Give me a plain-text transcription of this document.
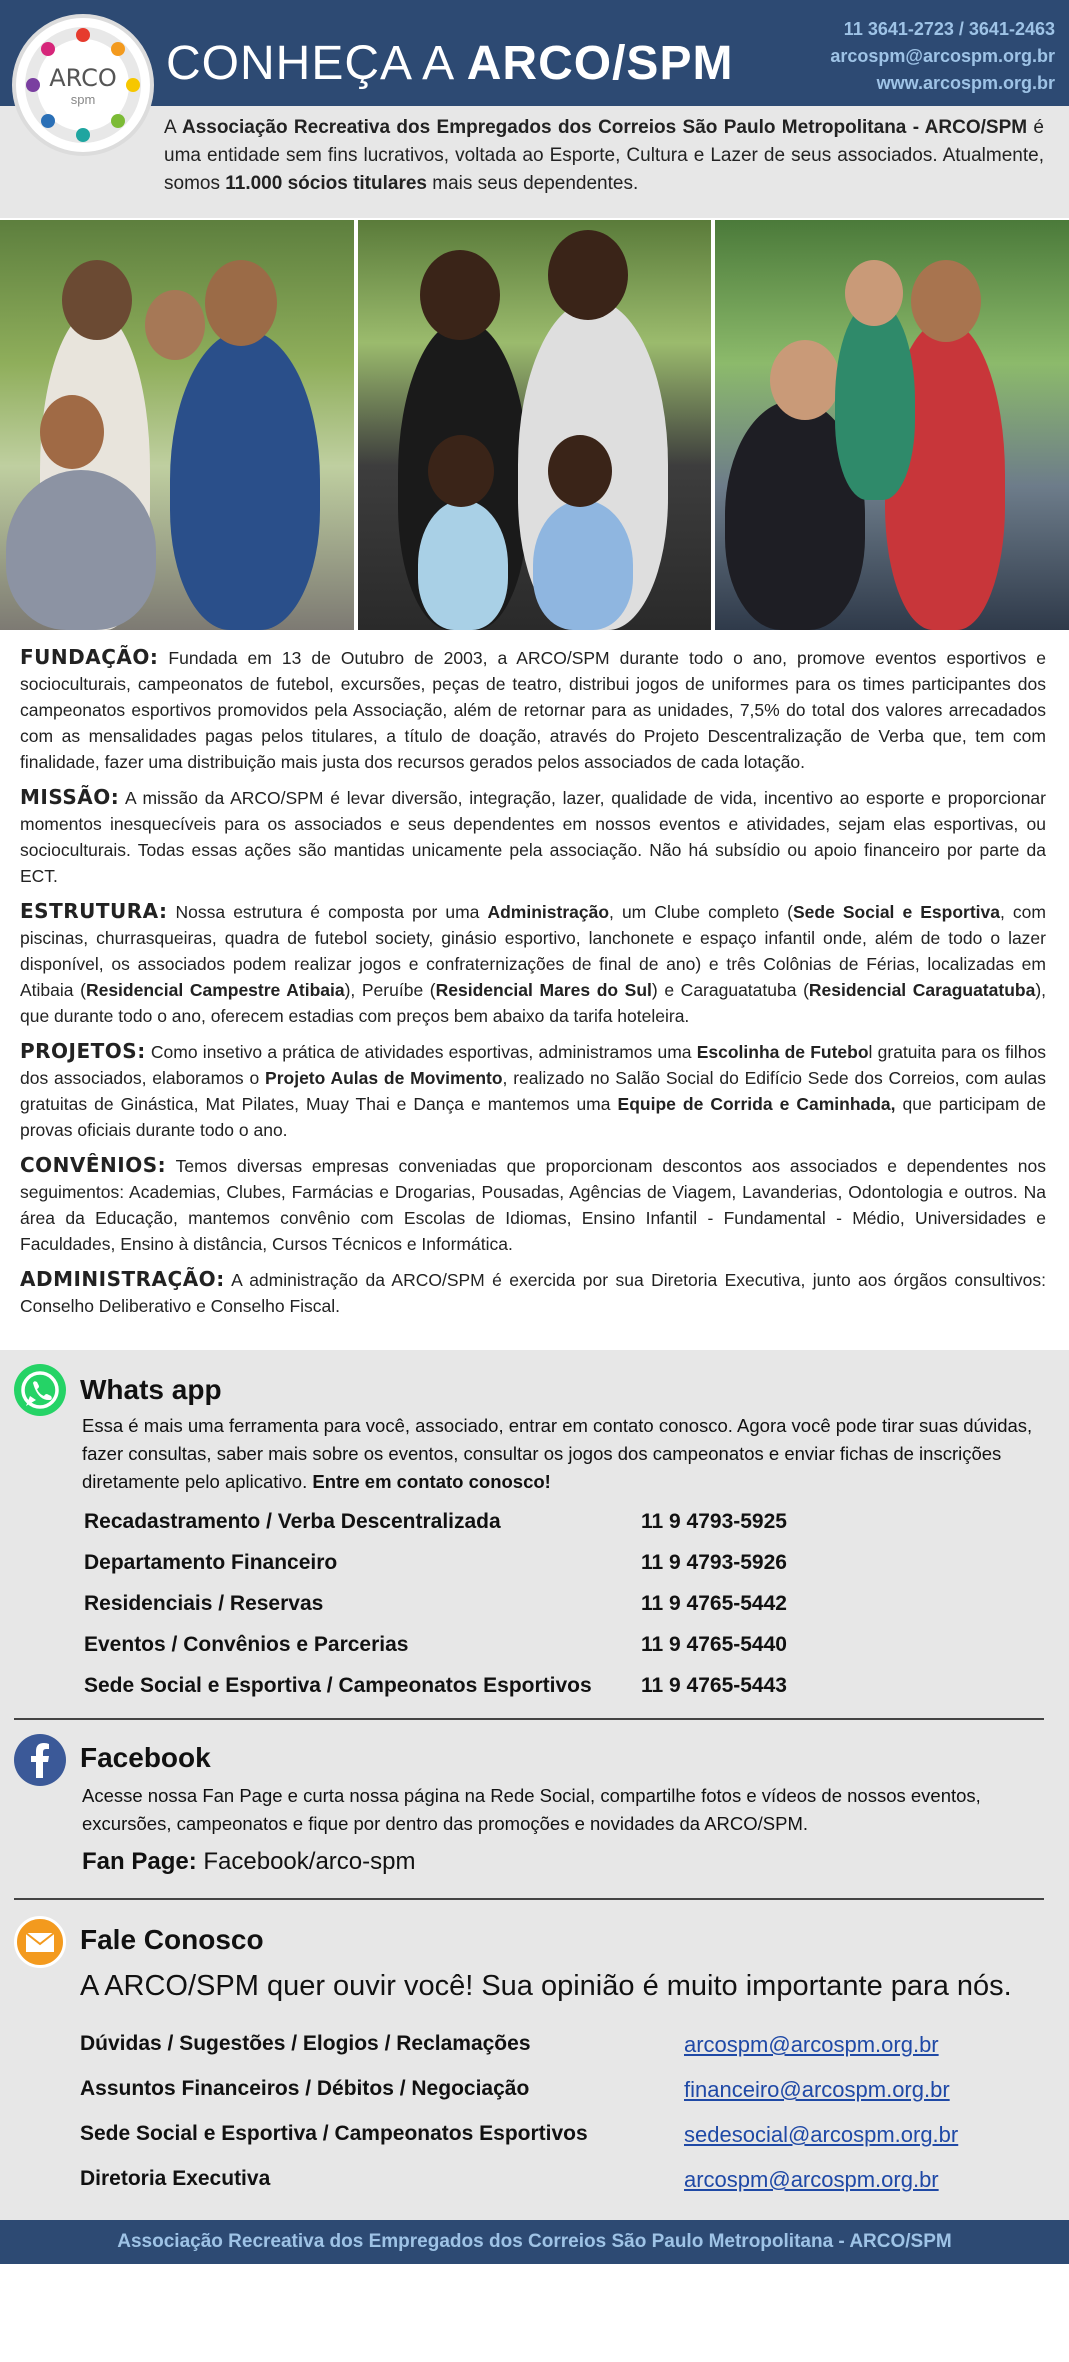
CONHEÇA A ARCO/SPM
11 3641-2723 / 3641-2463
arcospm@arcospm.org.br
www.arcospm.org.br
ARCO
spm

A Associação Recreativa dos Empregados dos Correios São Paulo Metropolitana - ARCO/SPM é uma entidade sem fins lucrativos, voltada ao Esporte, Cultura e Lazer de seus associados. Atualmente, somos 11.000 sócios titulares mais seus dependentes.

FUNDAÇÃO: Fundada em 13 de Outubro de 2003, a ARCO/SPM durante todo o ano, promove eventos esportivos e socioculturais, campeonatos de futebol, excursões, peças de teatro, distribui jogos de uniformes para os times participantes dos campeonatos esportivos promovidos pela Associação, além de retornar para as unidades, 7,5% do total dos valores arrecadados com as mensalidades pagas pelos titulares, a título de doação, através do Projeto Descentralização de Verba que, tem com finalidade, fazer uma distribuição mais justa dos recursos gerados pelos associados de cada lotação.

MISSÃO: A missão da ARCO/SPM é levar diversão, integração, lazer, qualidade de vida, incentivo ao esporte e proporcionar momentos inesquecíveis para os associados e seus dependentes em nossos eventos e atividades, sejam elas esportivas, ou socioculturais. Todas essas ações são mantidas unicamente pela associação. Não há subsídio ou apoio financeiro por parte da ECT.

ESTRUTURA: Nossa estrutura é composta por uma Administração, um Clube completo (Sede Social e Esportiva, com piscinas, churrasqueiras, quadra de futebol society, ginásio esportivo, lanchonete e espaço infantil onde, além de todo o lazer disponível, os associados podem realizar jogos e confraternizações de final de ano) e três Colônias de Férias, localizadas em Atibaia (Residencial Campestre Atibaia), Peruíbe (Residencial Mares do Sul) e Caraguatatuba (Residencial Caraguatatuba), que durante todo o ano, oferecem estadias com preços bem abaixo da tarifa hoteleira.

PROJETOS: Como insetivo a prática de atividades esportivas, administramos uma Escolinha de Futebol gratuita para os filhos dos associados, elaboramos o Projeto Aulas de Movimento, realizado no Salão Social do Edifício Sede dos Correios, com aulas gratuitas de Ginástica, Mat Pilates, Muay Thai e Dança e mantemos uma Equipe de Corrida e Caminhada, que participam de provas oficiais durante todo o ano.

CONVÊNIOS: Temos diversas empresas conveniadas que proporcionam descontos aos associados e dependentes nos seguimentos: Academias, Clubes, Farmácias e Drogarias, Pousadas, Agências de Viagem, Lavanderias, Odontologia e outros. Na área da Educação, mantemos convênio com Escolas de Idiomas, Ensino Infantil - Fundamental - Médio, Universidades e Faculdades, Ensino à distância, Cursos Técnicos e Informática.

ADMINISTRAÇÃO: A administração da ARCO/SPM é exercida por sua Diretoria Executiva, junto aos órgãos consultivos: Conselho Deliberativo e Conselho Fiscal.

Whats app
Essa é mais uma ferramenta para você, associado, entrar em contato conosco. Agora você pode tirar suas dúvidas, fazer consultas, saber mais sobre os eventos, consultar os jogos dos campeonatos e enviar fichas de inscrições diretamente pelo aplicativo. Entre em contato conosco!
Recadastramento / Verba Descentralizada	11 9 4793-5925
Departamento Financeiro	11 9 4793-5926
Residenciais / Reservas	11 9 4765-5442
Eventos / Convênios e Parcerias	11 9 4765-5440
Sede Social e Esportiva / Campeonatos Esportivos 11 9 4765-5443
Facebook
Acesse nossa Fan Page e curta nossa página na Rede Social, compartilhe fotos e vídeos de nossos eventos, excursões, campeonatos e fique por dentro das promoções e novidades da ARCO/SPM.
Fan Page: Facebook/arco-spm
Fale Conosco
A ARCO/SPM quer ouvir você! Sua opinião é muito importante para nós.
Dúvidas / Sugestões / Elogios / Reclamações	arcospm@arcospm.org.br
Assuntos Financeiros / Débitos / Negociação	financeiro@arcospm.org.br
Sede Social e Esportiva / Campeonatos Esportivos	sedesocial@arcospm.org.br
Diretoria Executiva	arcospm@arcospm.org.br
Associação Recreativa dos Empregados dos Correios São Paulo Metropolitana - ARCO/SPM
